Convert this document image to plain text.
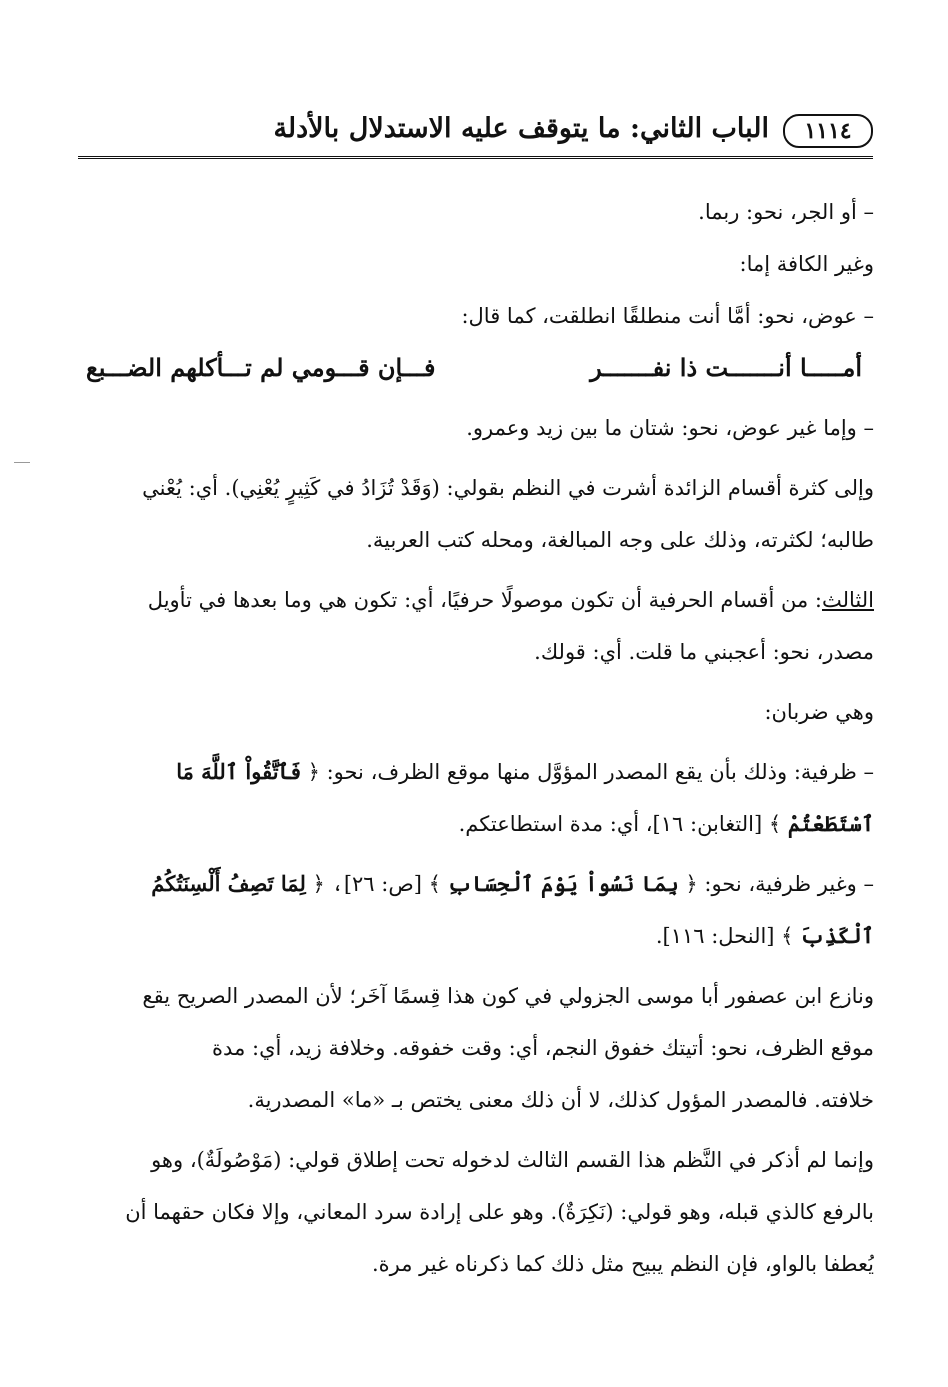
١١١٤
الباب الثاني: ما يتوقف عليه الاستدلال بالأدلة
– أو الجر، نحو: ربما.
وغير الكافة إما:
– عوض، نحو: أمَّا أنت منطلقًا انطلقت، كما قال:
أمـــــا أنـــــــت ذا نفـــــــر
فـــإن قـــومي لم تـــأكلهم الضـــبع
– وإما غير عوض، نحو: شتان ما بين زيد وعمرو.
وإلى كثرة أقسام الزائدة أشرت في النظم بقولي: (وَقَدْ تُزَادُ في كَثِيرٍ يُعْنِي). أي: يُعْني
طالبه؛ لكثرته، وذلك على وجه المبالغة، ومحله كتب العربية.
الثالث: من أقسام الحرفية أن تكون موصولًا حرفيًا، أي: تكون هي وما بعدها في تأويل
مصدر، نحو: أعجبني ما قلت. أي: قولك.
وهي ضربان:
– ظرفية: وذلك بأن يقع المصدر المؤوَّل منها موقع الظرف، نحو: ﴿ فَٱتَّقُواْ ٱللَّهَ مَا
ٱسْتَطَعْتُمْ ﴾ [التغابن: ١٦]، أي: مدة استطاعتكم.
– وغير ظرفية، نحو: ﴿ بِمَا نَسُواْ يَوْمَ ٱلْحِسَابِ ﴾ [ص: ٢٦]، ﴿ لِمَا تَصِفُ أَلْسِنَتُكُمُ
ٱلْكَذِبَ ﴾ [النحل: ١١٦].
ونازع ابن عصفور أبا موسى الجزولي في كون هذا قِسمًا آخَر؛ لأن المصدر الصريح يقع
موقع الظرف، نحو: أتيتك خفوق النجم، أي: وقت خفوقه. وخلافة زيد، أي: مدة
خلافته. فالمصدر المؤول كذلك، لا أن ذلك معنى يختص بـ «ما» المصدرية.
وإنما لم أذكر في النَّظم هذا القسم الثالث لدخوله تحت إطلاق قولي: (مَوْصُولَةٌ)، وهو
بالرفع كالذي قبله، وهو قولي: (نَكِرَةٌ). وهو على إرادة سرد المعاني، وإلا فكان حقهما أن
يُعطفا بالواو، فإن النظم يبيح مثل ذلك كما ذكرناه غير مرة.
